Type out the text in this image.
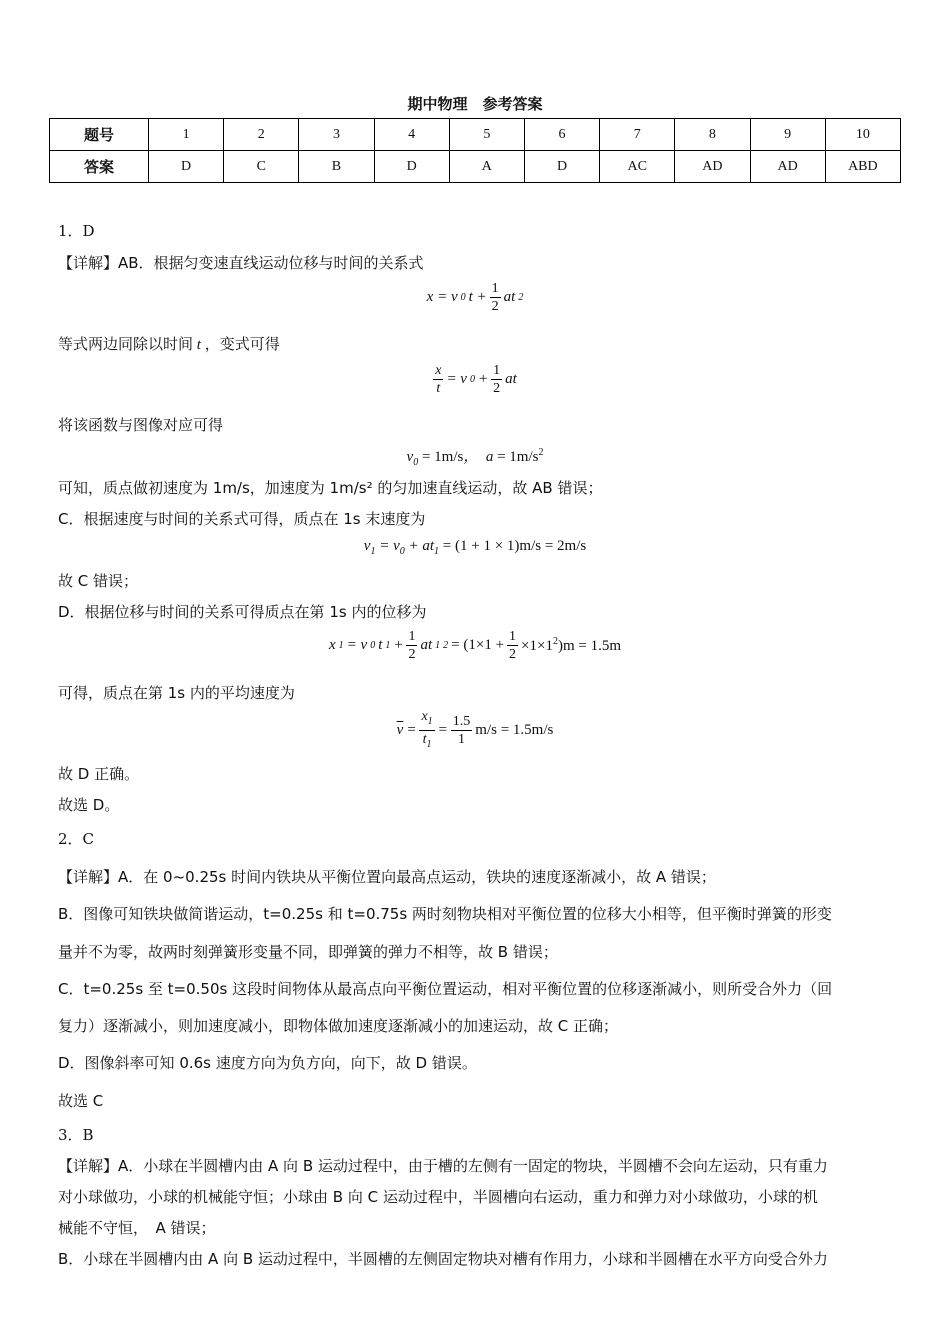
期中物理　参考答案
题号	1	2	3	4	5	6	7	8	9	10
答案	D	C	B	D	A	D	AC	AD	AD	ABD
1．D
【详解】AB．根据匀变速直线运动位移与时间的关系式
x = v 0 $t + \frac{1}{2}$ at 2
等式两边同除以时间 t ，变式可得
$\frac{x}{t} = v$ $0 + \frac{1}{2}$ at
将该函数与图像对应可得
$v_0 = 1m/s$，  $a = 1m/s^2$
可知，质点做初速度为 1m/s，加速度为 1m/s² 的匀加速直线运动，故 AB 错误；
C．根据速度与时间的关系式可得，质点在 1s 末速度为
$v_1 = v_0 + at_1 = (1 + 1 \times 1)m/s = 2m/s$
故 C 错误；
D．根据位移与时间的关系可得质点在第 1s 内的位移为
x 1 = v 0 t $1 + \frac{1}{2}$ at 1 $2 = (1\times 1 + \frac{1}{2} \times 1\times 1^2)m = 1.5m$
可得，质点在第 1s 内的平均速度为
$\overline{v} = \frac{x_1}{t_1} = \frac{1.5}{1} m/s = 1.5m/s$
故 D 正确。
故选 D。
2．C
【详解】A．在 0~0.25s 时间内铁块从平衡位置向最高点运动，铁块的速度逐渐减小，故 A 错误；
B．图像可知铁块做简谐运动，t=0.25s 和 t=0.75s 两时刻物块相对平衡位置的位移大小相等，但平衡时弹簧的形变
量并不为零，故两时刻弹簧形变量不同，即弹簧的弹力不相等，故 B 错误；
C．t=0.25s 至 t=0.50s 这段时间物体从最高点向平衡位置运动，相对平衡位置的位移逐渐减小，则所受合外力（回
复力）逐渐减小，则加速度减小，即物体做加速度逐渐减小的加速运动，故 C 正确；
D．图像斜率可知 0.6s 速度方向为负方向，向下，故 D 错误。
故选 C
3．B
【详解】A．小球在半圆槽内由 A 向 B 运动过程中，由于槽的左侧有一固定的物块，半圆槽不会向左运动，只有重力
对小球做功，小球的机械能守恒；小球由 B 向 C 运动过程中，半圆槽向右运动，重力和弹力对小球做功，小球的机
械能不守恒，　A 错误；
B．小球在半圆槽内由 A 向 B 运动过程中，半圆槽的左侧固定物块对槽有作用力，小球和半圆槽在水平方向受合外力
